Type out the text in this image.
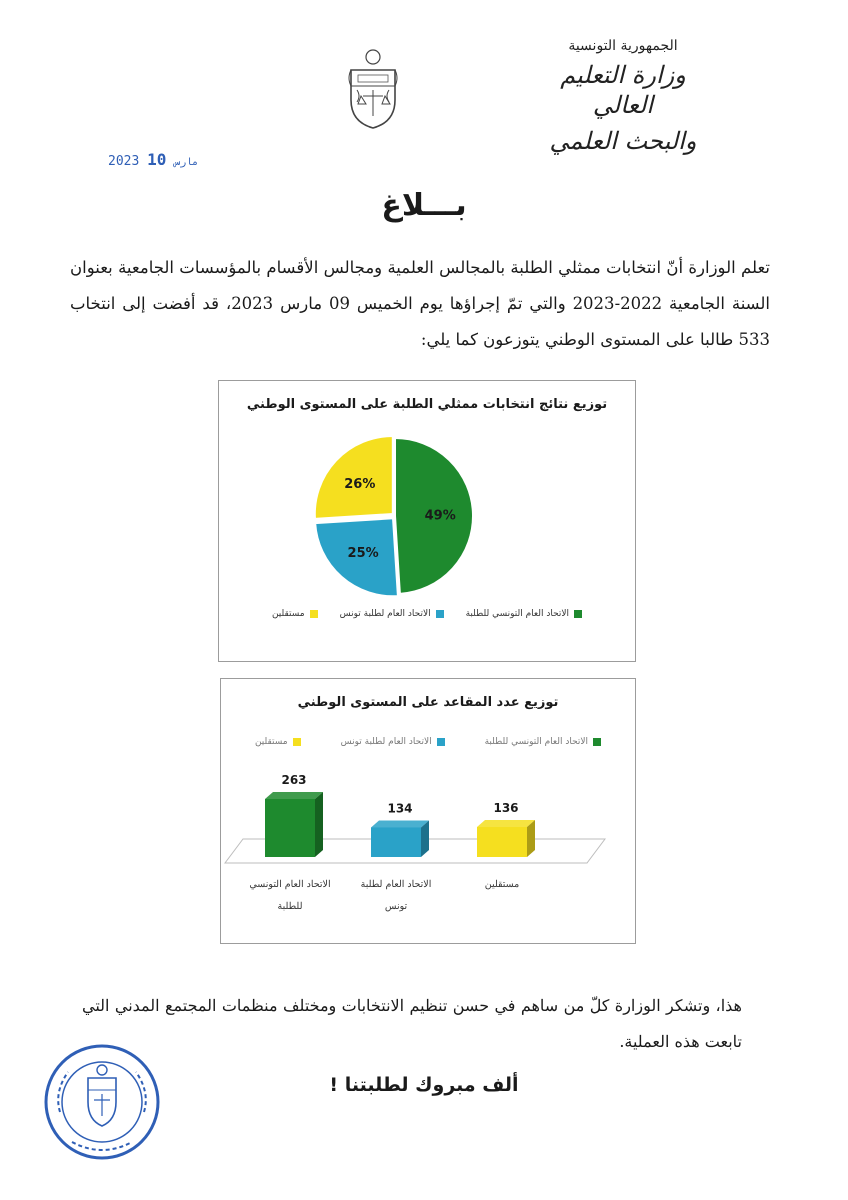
الجمهورية التونسية
وزارة التعليم العالي
والبحث العلمي
2023	مارس 10
بـــلاغ
تعلم الوزارة أنّ انتخابات ممثلي الطلبة بالمجالس العلمية ومجالس الأقسام بالمؤسسات الجامعية بعنوان السنة الجامعية 2022-2023 والتي تمّ إجراؤها يوم الخميس 09 مارس 2023، قد أفضت إلى انتخاب 533 طالبا على المستوى الوطني يتوزعون كما يلي:
توزيع نتائج انتخابات ممثلي الطلبة على المستوى الوطني
49%
25%
26%
الاتحاد العام التونسي للطلبة
الاتحاد العام لطلبة تونس
مستقلين
توزيع عدد المقاعد على المستوى الوطني
الاتحاد العام التونسي للطلبة
الاتحاد العام لطلبة تونس
مستقلين
263
134	136
الاتحاد العام التونسي
للطلبة
الاتحاد العام لطلبة
تونس
مستقلين
هذا، وتشكر الوزارة كلّ من ساهم في حسن تنظيم الانتخابات ومختلف منظمات المجتمع المدني التي تابعت هذه العملية.
ألف مبروك لطلبتنا !
